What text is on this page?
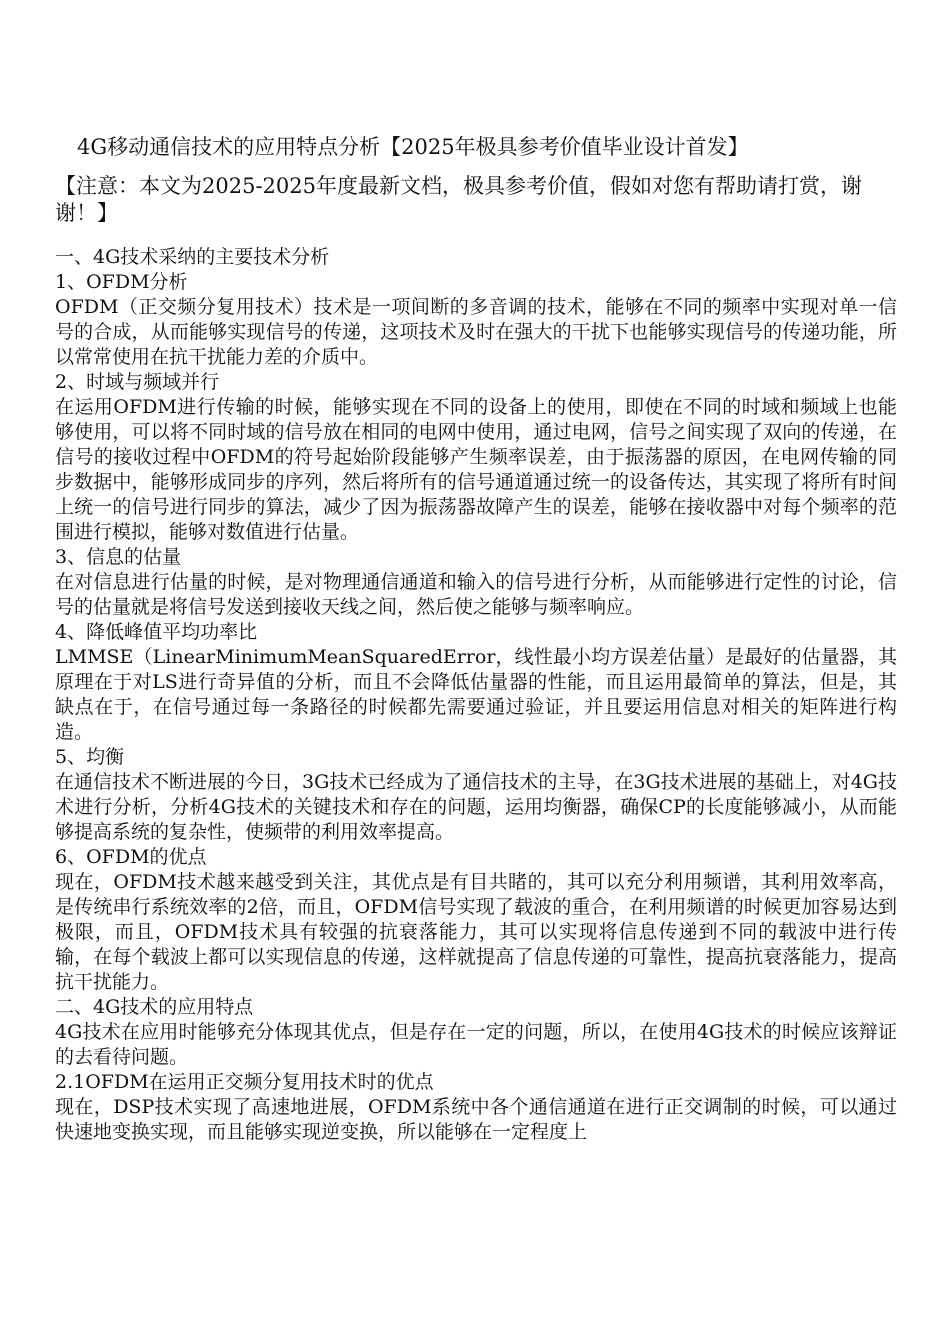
4G移动通信技术的应用特点分析【2025年极具参考价值毕业设计首发】

【注意：本文为2025-2025年度最新文档，极具参考价值，假如对您有帮助请打赏，谢谢！】

一、4G技术采纳的主要技术分析
1、OFDM分析

OFDM（正交频分复用技术）技术是一项间断的多音调的技术，能够在不同的频率中实现对单一信号的合成，从而能够实现信号的传递，这项技术及时在强大的干扰下也能够实现信号的传递功能，所以常常使用在抗干扰能力差的介质中。

2、时域与频域并行

在运用OFDM进行传输的时候，能够实现在不同的设备上的使用，即使在不同的时域和频域上也能够使用，可以将不同时域的信号放在相同的电网中使用，通过电网，信号之间实现了双向的传递，在信号的接收过程中OFDM的符号起始阶段能够产生频率误差，由于振荡器的原因，在电网传输的同步数据中，能够形成同步的序列，然后将所有的信号通道通过统一的设备传达，其实现了将所有时间上统一的信号进行同步的算法，减少了因为振荡器故障产生的误差，能够在接收器中对每个频率的范围进行模拟，能够对数值进行估量。

3、信息的估量

在对信息进行估量的时候，是对物理通信通道和输入的信号进行分析，从而能够进行定性的讨论，信号的估量就是将信号发送到接收天线之间，然后使之能够与频率响应。

4、降低峰值平均功率比

LMMSE（LinearMinimumMeanSquaredError，线性最小均方误差估量）是最好的估量器，其原理在于对LS进行奇异值的分析，而且不会降低估量器的性能，而且运用最简单的算法，但是，其缺点在于，在信号通过每一条路径的时候都先需要通过验证，并且要运用信息对相关的矩阵进行构造。

5、均衡

在通信技术不断进展的今日，3G技术已经成为了通信技术的主导，在3G技术进展的基础上，对4G技术进行分析，分析4G技术的关键技术和存在的问题，运用均衡器，确保CP的长度能够减小，从而能够提高系统的复杂性，使频带的利用效率提高。

6、OFDM的优点

现在，OFDM技术越来越受到关注，其优点是有目共睹的，其可以充分利用频谱，其利用效率高，是传统串行系统效率的2倍，而且，OFDM信号实现了载波的重合，在利用频谱的时候更加容易达到极限，而且，OFDM技术具有较强的抗衰落能力，其可以实现将信息传递到不同的载波中进行传输，在每个载波上都可以实现信息的传递，这样就提高了信息传递的可靠性，提高抗衰落能力，提高抗干扰能力。

二、4G技术的应用特点

4G技术在应用时能够充分体现其优点，但是存在一定的问题，所以，在使用4G技术的时候应该辩证的去看待问题。

2.1OFDM在运用正交频分复用技术时的优点

现在，DSP技术实现了高速地进展，OFDM系统中各个通信通道在进行正交调制的时候，可以通过快速地变换实现，而且能够实现逆变换，所以能够在一定程度上
